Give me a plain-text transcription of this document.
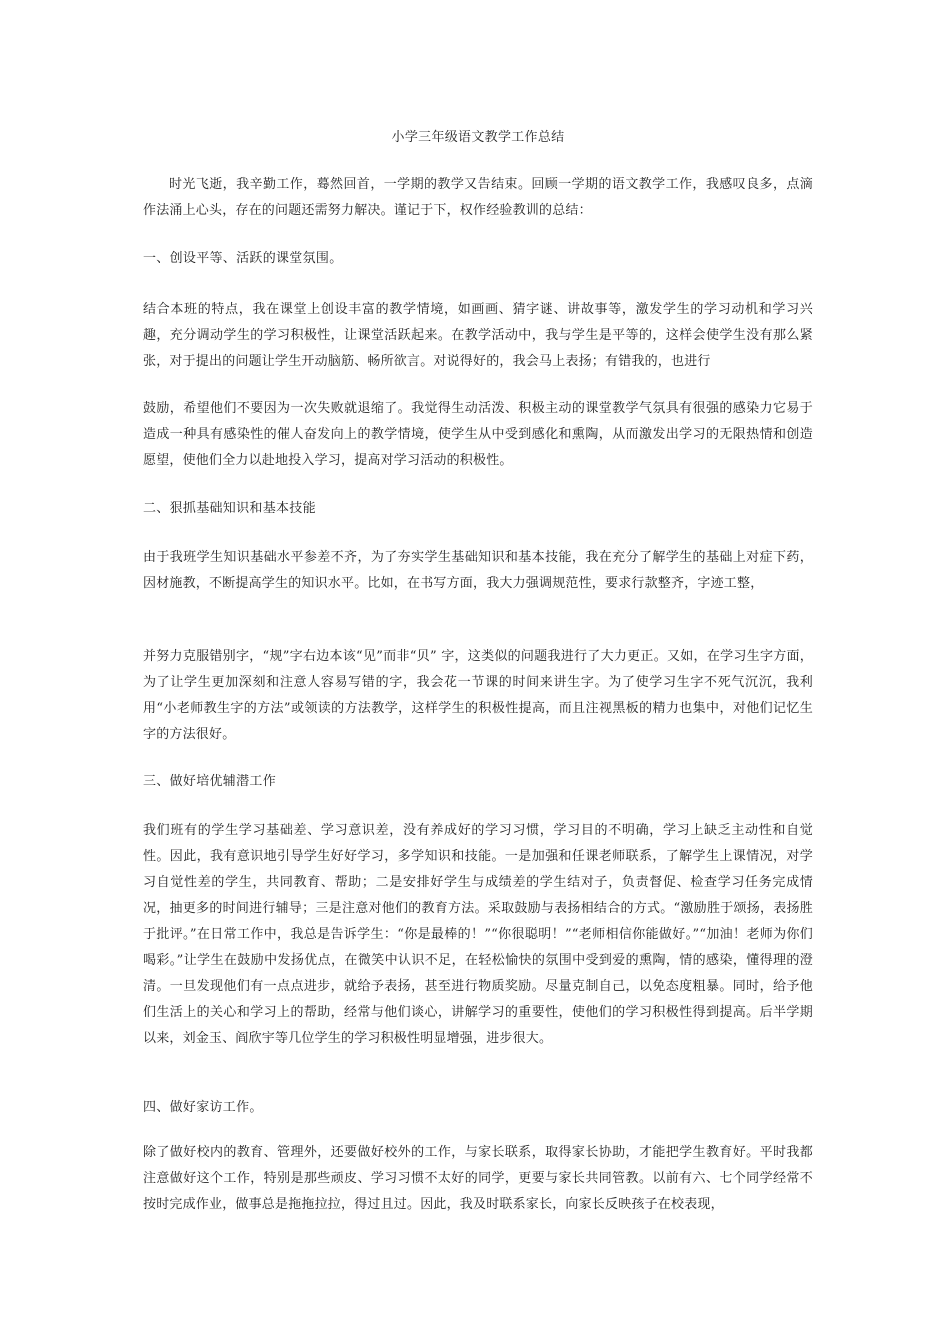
小学三年级语文教学工作总结

时光飞逝，我辛勤工作，蓦然回首，一学期的教学又告结束。回顾一学期的语文教学工作，我感叹良多，点滴作法涌上心头，存在的问题还需努力解决。谨记于下，权作经验教训的总结：

一、创设平等、活跃的课堂氛围。

结合本班的特点，我在课堂上创设丰富的教学情境，如画画、猜字谜、讲故事等，激发学生的学习动机和学习兴趣，充分调动学生的学习积极性，让课堂活跃起来。在教学活动中，我与学生是平等的，这样会使学生没有那么紧张，对于提出的问题让学生开动脑筋、畅所欲言。对说得好的，我会马上表扬；有错我的，也进行

鼓励，希望他们不要因为一次失败就退缩了。我觉得生动活泼、积极主动的课堂教学气氛具有很强的感染力它易于造成一种具有感染性的催人奋发向上的教学情境，使学生从中受到感化和熏陶，从而激发出学习的无限热情和创造愿望，使他们全力以赴地投入学习，提高对学习活动的积极性。

二、狠抓基础知识和基本技能

由于我班学生知识基础水平参差不齐，为了夯实学生基础知识和基本技能，我在充分了解学生的基础上对症下药，因材施教，不断提高学生的知识水平。比如，在书写方面，我大力强调规范性，要求行款整齐，字迹工整，

并努力克服错别字，“规”字右边本该“见”而非“贝” 字，这类似的问题我进行了大力更正。又如，在学习生字方面，为了让学生更加深刻和注意人容易写错的字，我会花一节课的时间来讲生字。为了使学习生字不死气沉沉，我利用“小老师教生字的方法”或领读的方法教学，这样学生的积极性提高，而且注视黑板的精力也集中，对他们记忆生字的方法很好。

三、做好培优辅潜工作

我们班有的学生学习基础差、学习意识差，没有养成好的学习习惯，学习目的不明确，学习上缺乏主动性和自觉性。因此，我有意识地引导学生好好学习，多学知识和技能。一是加强和任课老师联系，了解学生上课情况，对学习自觉性差的学生，共同教育、帮助；二是安排好学生与成绩差的学生结对子，负责督促、检查学习任务完成情况，抽更多的时间进行辅导；三是注意对他们的教育方法。采取鼓励与表扬相结合的方式。“激励胜于颂扬，表扬胜于批评。”在日常工作中，我总是告诉学生：“你是最棒的！”“你很聪明！”“老师相信你能做好。”“加油！老师为你们喝彩。”让学生在鼓励中发扬优点，在微笑中认识不足，在轻松愉快的氛围中受到爱的熏陶，情的感染，懂得理的澄清。一旦发现他们有一点点进步，就给予表扬，甚至进行物质奖励。尽量克制自己，以免态度粗暴。同时，给予他们生活上的关心和学习上的帮助，经常与他们谈心，讲解学习的重要性，使他们的学习积极性得到提高。后半学期以来，刘金玉、阎欣宇等几位学生的学习积极性明显增强，进步很大。

四、做好家访工作。

除了做好校内的教育、管理外，还要做好校外的工作，与家长联系，取得家长协助，才能把学生教育好。平时我都注意做好这个工作，特别是那些顽皮、学习习惯不太好的同学，更要与家长共同管教。以前有六、七个同学经常不按时完成作业，做事总是拖拖拉拉，得过且过。因此，我及时联系家长，向家长反映孩子在校表现，
